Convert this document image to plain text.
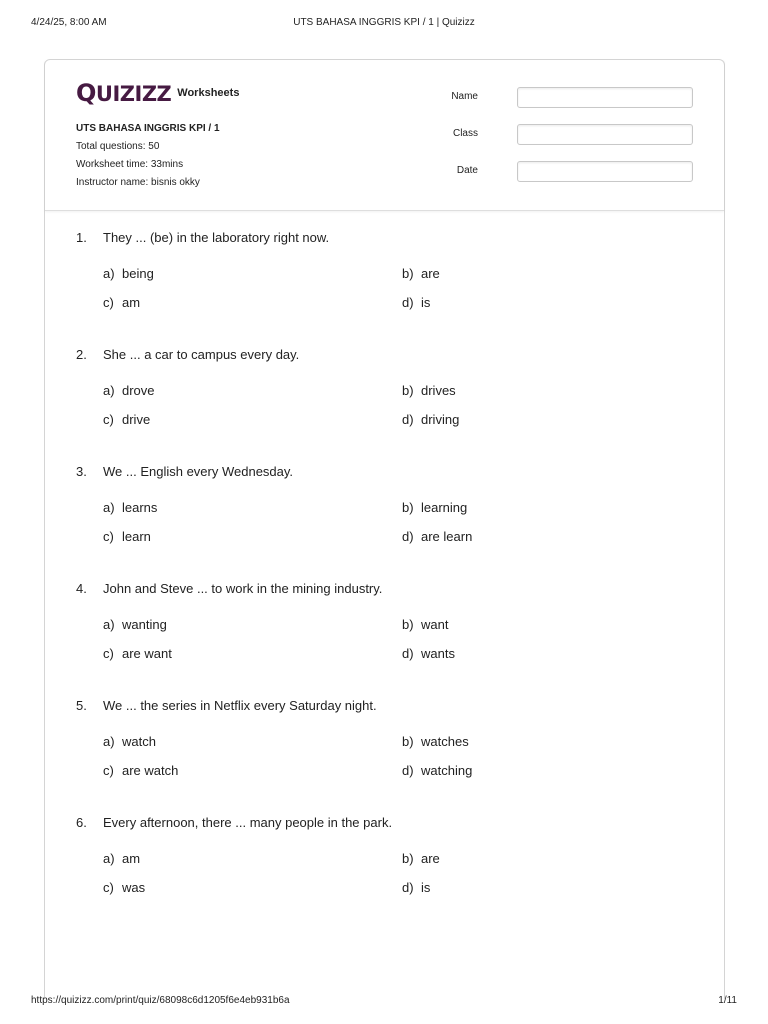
4/24/25, 8:00 AM	UTS BAHASA INGGRIS KPI / 1 | Quizizz
QUIZIZZ Worksheets
UTS BAHASA INGGRIS KPI / 1
Total questions: 50
Worksheet time: 33mins
Instructor name: bisnis okky
Name
Class
Date
1. They ... (be) in the laboratory right now.
a) being	b) are
c) am	d) is
2. She ... a car to campus every day.
a) drove	b) drives
c) drive	d) driving
3. We ... English every Wednesday.
a) learns	b) learning
c) learn	d) are learn
4. John and Steve ... to work in the mining industry.
a) wanting	b) want
c) are want	d) wants
5. We ... the series in Netflix every Saturday night.
a) watch	b) watches
c) are watch	d) watching
6. Every afternoon, there ... many people in the park.
a) am	b) are
c) was	d) is
https://quizizz.com/print/quiz/68098c6d1205f6e4eb931b6a	1/11
